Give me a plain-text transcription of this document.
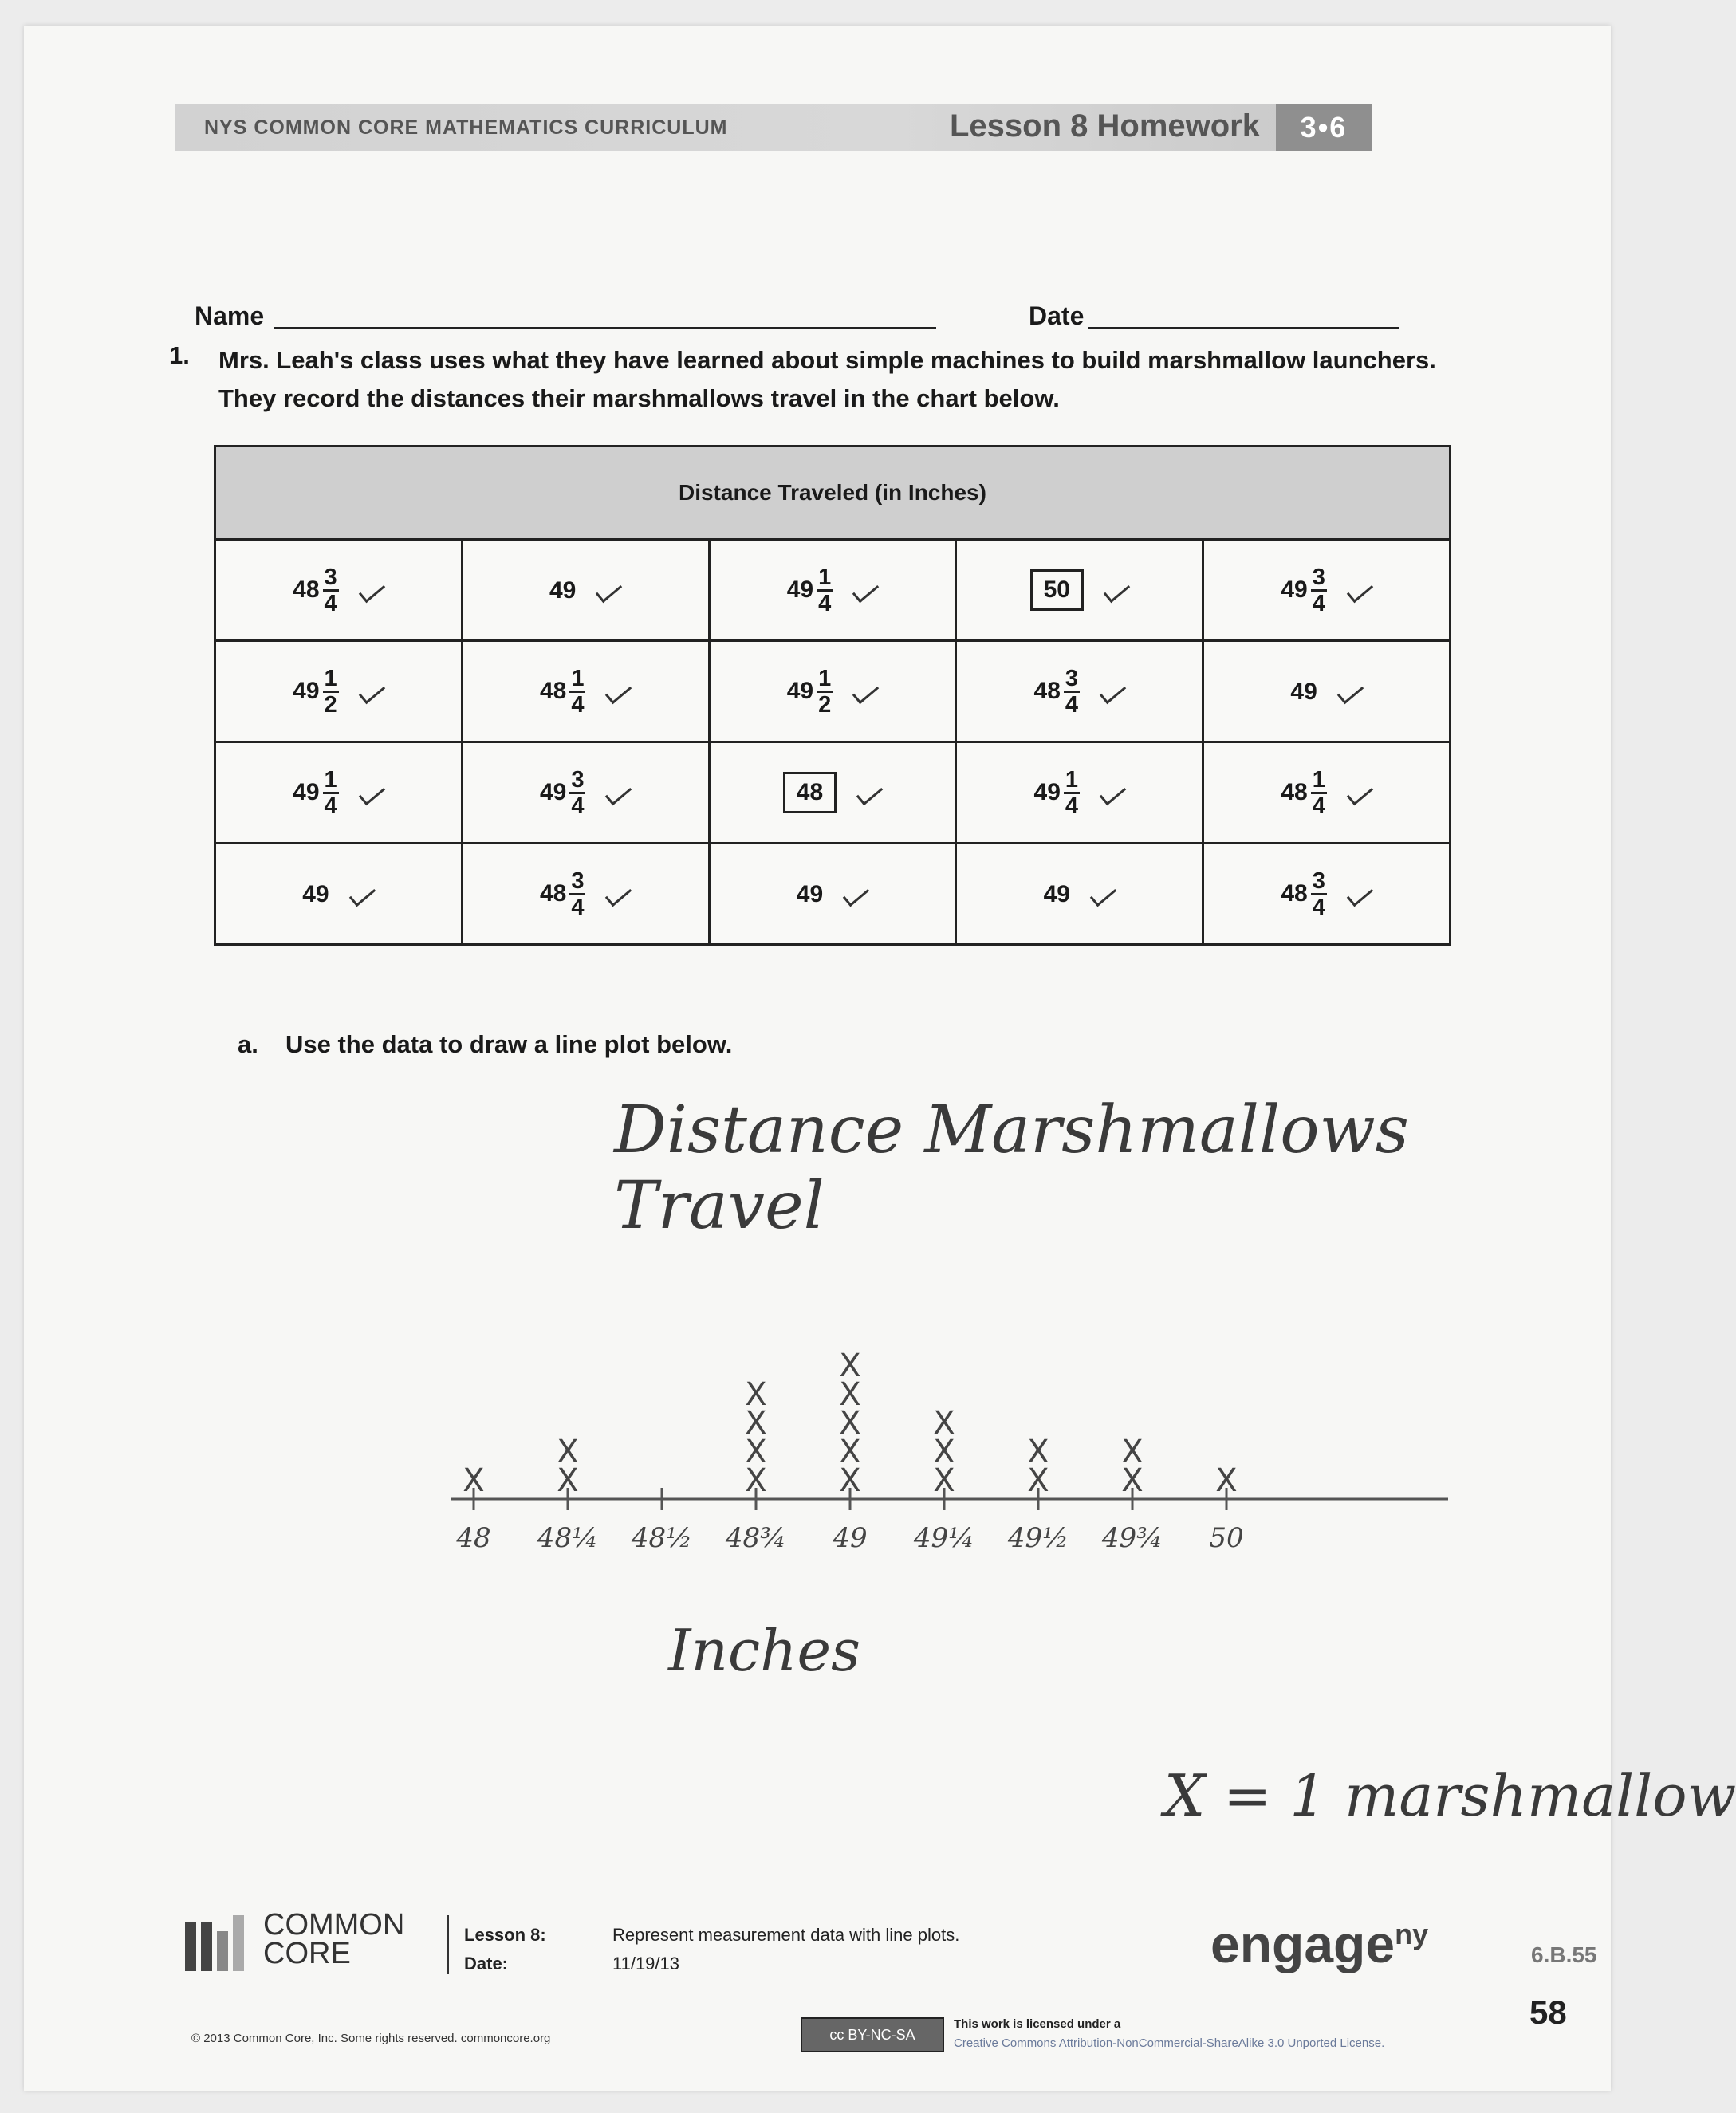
NYS COMMON CORE MATHEMATICS CURRICULUM	Lesson 8 Homework	3•6
Name	Date
1. Mrs. Leah's class uses what they have learned about simple machines to build marshmallow launchers.
They record the distances their marshmallows travel in the chart below.
Distance Traveled (in Inches)				

$48 \frac{3}{4}$	49	$49 \frac{1}{4}$	50	$49 \frac{3}{4}$

$49 \frac{1}{2}$	$48 \frac{1}{4}$	$49 \frac{1}{2}$	$48 \frac{3}{4}$	49

$49 \frac{1}{4}$	$49 \frac{3}{4}$	48	$49 \frac{1}{4}$	$48 \frac{1}{4}$

49	$48 \frac{3}{4}$	49	49	$48 \frac{3}{4}$
a. Use the data to draw a line plot below.
Distance Marshmallows Travel
48
X
48¼
X
X
48½ 48¾
X
X
X
X
49
X
X
X
X
X
49¼
X
X
X
49½
X
X
49¾
X
X
50
X
Inches
X = 1 marshmallow
COMMON
CORE
Lesson 8:	Represent measurement data with line plots.
Date:	11/19/13	engage$^{ny}$
6.B.55
58
© 2013 Common Core, Inc. Some rights reserved. commoncore.org	cc BY-NC-SA
This work is licensed under a
Creative Commons Attribution-NonCommercial-ShareAlike 3.0 Unported License.
